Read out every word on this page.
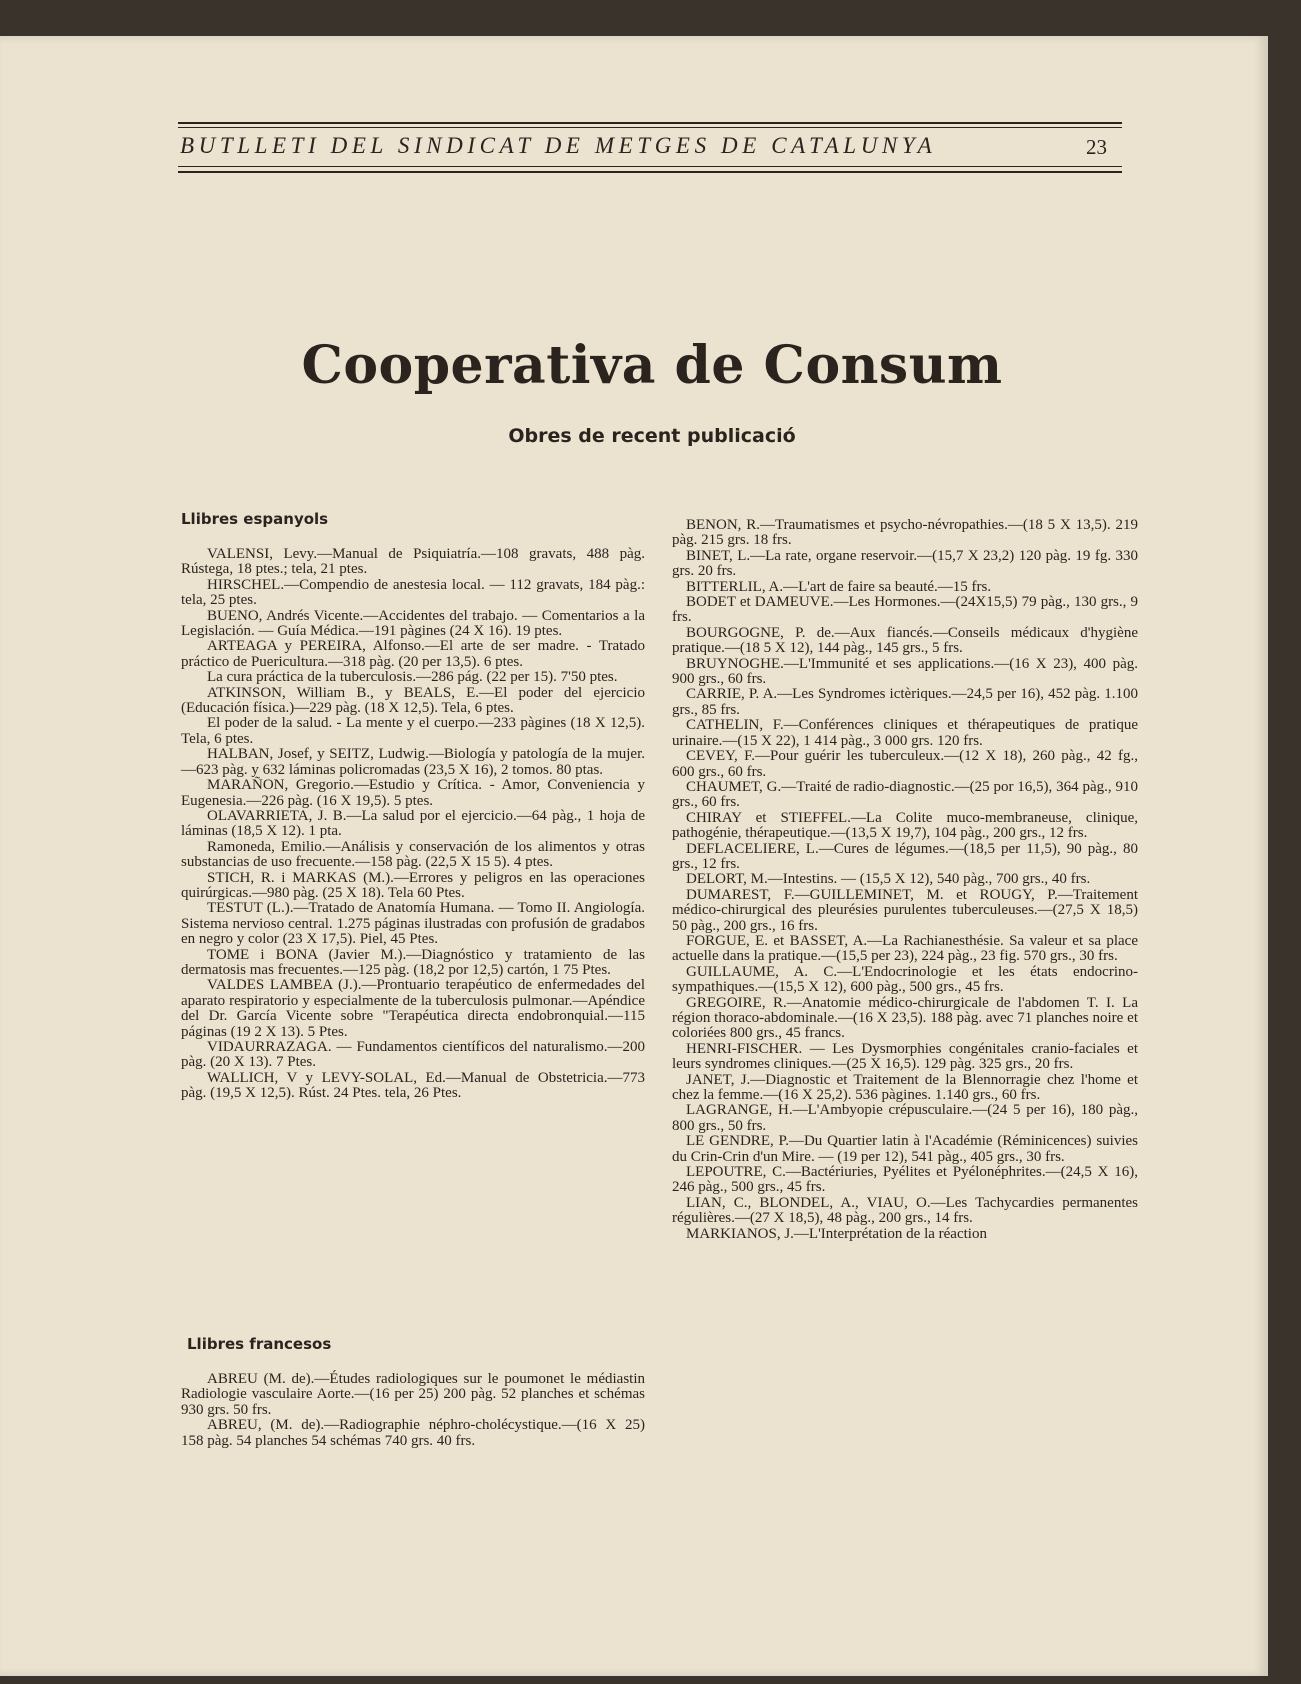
BUTLLETI DEL SINDICAT DE METGES DE CATALUNYA	23
Cooperativa de Consum
Obres de recent publicació
Llibres espanyols

VALENSI, Levy.—Manual de Psiquiatría.—108 gravats, 488 pàg. Rústega, 18 ptes.; tela, 21 ptes.

HIRSCHEL.—Compendio de anestesia local. — 112 gravats, 184 pàg.: tela, 25 ptes.

BUENO, Andrés Vicente.—Accidentes del trabajo. — Comentarios a la Legislación. — Guía Médica.—191 pàgines (24 X 16). 19 ptes.

ARTEAGA y PEREIRA, Alfonso.—El arte de ser madre. - Tratado práctico de Puericultura.—318 pàg. (20 per 13,5). 6 ptes.

La cura práctica de la tuberculosis.—286 pág. (22 per 15). 7'50 ptes.

ATKINSON, William B., y BEALS, E.—El poder del ejercicio (Educación física.)—229 pàg. (18 X 12,5). Tela, 6 ptes.

El poder de la salud. - La mente y el cuerpo.—233 pàgines (18 X 12,5). Tela, 6 ptes.

HALBAN, Josef, y SEITZ, Ludwig.—Biología y patología de la mujer.—623 pàg. y 632 láminas policromadas (23,5 X 16), 2 tomos. 80 ptas.

MARAÑON, Gregorio.—Estudio y Crítica. - Amor, Conveniencia y Eugenesia.—226 pàg. (16 X 19,5). 5 ptes.

OLAVARRIETA, J. B.—La salud por el ejercicio.—64 pàg., 1 hoja de láminas (18,5 X 12). 1 pta.

Ramoneda, Emilio.—Análisis y conservación de los alimentos y otras substancias de uso frecuente.—158 pàg. (22,5 X 15 5). 4 ptes.

STICH, R. i MARKAS (M.).—Errores y peligros en las operaciones quirúrgicas.—980 pàg. (25 X 18). Tela 60 Ptes.

TESTUT (L.).—Tratado de Anatomía Humana. — Tomo II. Angiología. Sistema nervioso central. 1.275 páginas ilustradas con profusión de gradabos en negro y color (23 X 17,5). Piel, 45 Ptes.

TOME i BONA (Javier M.).—Diagnóstico y tratamiento de las dermatosis mas frecuentes.—125 pàg. (18,2 por 12,5) cartón, 1 75 Ptes.

VALDES LAMBEA (J.).—Prontuario terapéutico de enfermedades del aparato respiratorio y especialmente de la tuberculosis pulmonar.—Apéndice del Dr. García Vicente sobre "Terapéutica directa endobronquial.—115 páginas (19 2 X 13). 5 Ptes.

VIDAURRAZAGA. — Fundamentos científicos del naturalismo.—200 pàg. (20 X 13). 7 Ptes.

WALLICH, V y LEVY-SOLAL, Ed.—Manual de Obstetricia.—773 pàg. (19,5 X 12,5). Rúst. 24 Ptes. tela, 26 Ptes.

Llibres francesos

ABREU (M. de).—Études radiologiques sur le poumonet le médiastin Radiologie vasculaire Aorte.—(16 per 25) 200 pàg. 52 planches et schémas 930 grs. 50 frs.

ABREU, (M. de).—Radiographie néphro-cholécystique.—(16 X 25) 158 pàg. 54 planches 54 schémas 740 grs. 40 frs.

BENON, R.—Traumatismes et psycho-névropathies.—(18 5 X 13,5). 219 pàg. 215 grs. 18 frs.

BINET, L.—La rate, organe reservoir.—(15,7 X 23,2) 120 pàg. 19 fg. 330 grs. 20 frs.

BITTERLIL, A.—L'art de faire sa beauté.—15 frs.

BODET et DAMEUVE.—Les Hormones.—(24X15,5) 79 pàg., 130 grs., 9 frs.

BOURGOGNE, P. de.—Aux fiancés.—Conseils médicaux d'hygiène pratique.—(18 5 X 12), 144 pàg., 145 grs., 5 frs.

BRUYNOGHE.—L'Immunité et ses applications.—(16 X 23), 400 pàg. 900 grs., 60 frs.

CARRIE, P. A.—Les Syndromes ictèriques.—24,5 per 16), 452 pàg. 1.100 grs., 85 frs.

CATHELIN, F.—Conférences cliniques et thérapeutiques de pratique urinaire.—(15 X 22), 1 414 pàg., 3 000 grs. 120 frs.

CEVEY, F.—Pour guérir les tuberculeux.—(12 X 18), 260 pàg., 42 fg., 600 grs., 60 frs.

CHAUMET, G.—Traité de radio-diagnostic.—(25 por 16,5), 364 pàg., 910 grs., 60 frs.

CHIRAY et STIEFFEL.—La Colite muco-membraneuse, clinique, pathogénie, thérapeutique.—(13,5 X 19,7), 104 pàg., 200 grs., 12 frs.

DEFLACELIERE, L.—Cures de légumes.—(18,5 per 11,5), 90 pàg., 80 grs., 12 frs.

DELORT, M.—Intestins. — (15,5 X 12), 540 pàg., 700 grs., 40 frs.

DUMAREST, F.—GUILLEMINET, M. et ROUGY, P.—Traitement médico-chirurgical des pleurésies purulentes tuberculeuses.—(27,5 X 18,5) 50 pàg., 200 grs., 16 frs.

FORGUE, E. et BASSET, A.—La Rachianesthésie. Sa valeur et sa place actuelle dans la pratique.—(15,5 per 23), 224 pàg., 23 fig. 570 grs., 30 frs.

GUILLAUME, A. C.—L'Endocrinologie et les états endocrino-sympathiques.—(15,5 X 12), 600 pàg., 500 grs., 45 frs.

GREGOIRE, R.—Anatomie médico-chirurgicale de l'abdomen T. I. La région thoraco-abdominale.—(16 X 23,5). 188 pàg. avec 71 planches noire et coloriées 800 grs., 45 francs.

HENRI-FISCHER. — Les Dysmorphies congénitales cranio-faciales et leurs syndromes cliniques.—(25 X 16,5). 129 pàg. 325 grs., 20 frs.

JANET, J.—Diagnostic et Traitement de la Blennorragie chez l'home et chez la femme.—(16 X 25,2). 536 pàgines. 1.140 grs., 60 frs.

LAGRANGE, H.—L'Ambyopie crépusculaire.—(24 5 per 16), 180 pàg., 800 grs., 50 frs.

LE GENDRE, P.—Du Quartier latin à l'Académie (Réminicences) suivies du Crin-Crin d'un Mire. — (19 per 12), 541 pàg., 405 grs., 30 frs.

LEPOUTRE, C.—Bactériuries, Pyélites et Pyélonéphrites.—(24,5 X 16), 246 pàg., 500 grs., 45 frs.

LIAN, C., BLONDEL, A., VIAU, O.—Les Tachycardies permanentes régulières.—(27 X 18,5), 48 pàg., 200 grs., 14 frs.

MARKIANOS, J.—L'Interprétation de la réaction
